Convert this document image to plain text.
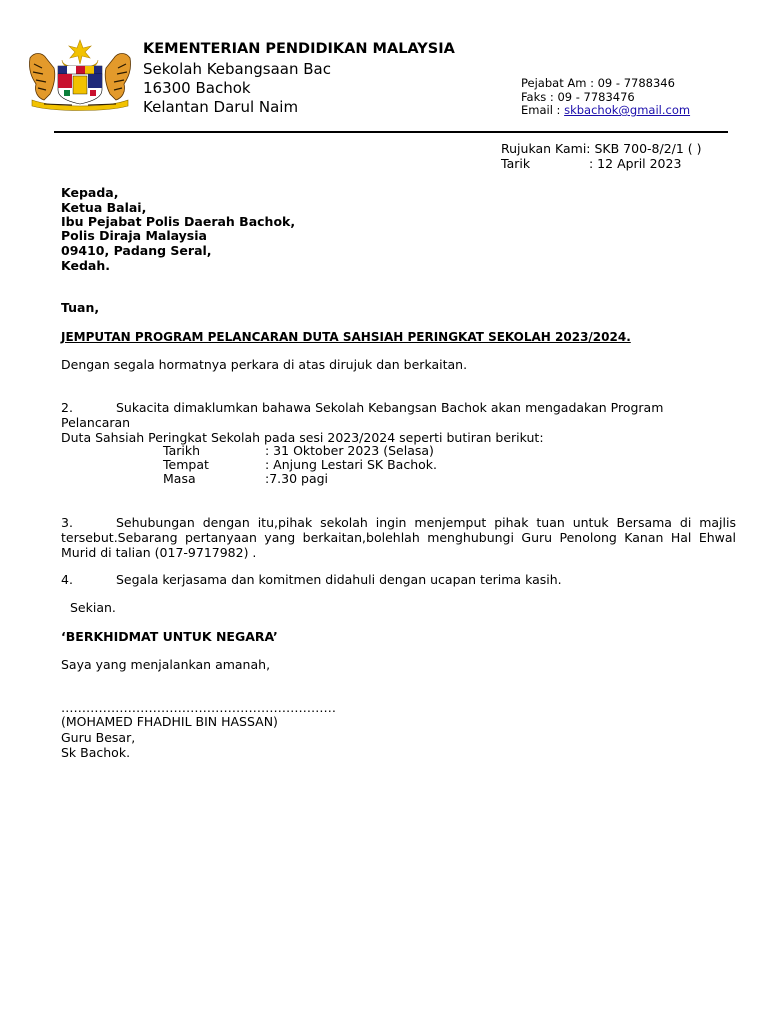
KEMENTERIAN PENDIDIKAN MALAYSIA
Sekolah Kebangsaan Bac
16300 Bachok
Kelantan Darul Naim
Pejabat Am : 09 - 7788346
Faks : 09 - 7783476
Email : skbachok@gmail.com
Rujukan Kami: SKB 700-8/2/1 ( )
Tarik	: 12 April 2023
Kepada,
Ketua Balai,
Ibu Pejabat Polis Daerah Bachok,
Polis Diraja Malaysia
09410, Padang Seral,
Kedah.
Tuan,
JEMPUTAN PROGRAM PELANCARAN DUTA SAHSIAH PERINGKAT SEKOLAH 2023/2024.
Dengan segala hormatnya perkara di atas dirujuk dan berkaitan.
2.	Sukacita dimaklumkan bahawa Sekolah Kebangsan Bachok akan mengadakan Program Pelancaran
Duta Sahsiah Peringkat Sekolah pada sesi 2023/2024 seperti butiran berikut:
Tarikh	: 31 Oktober 2023 (Selasa)
Tempat	: Anjung Lestari SK Bachok.
Masa	:7.30 pagi
3.	Sehubungan dengan itu,pihak sekolah ingin menjemput pihak tuan untuk Bersama di majlis
tersebut.Sebarang pertanyaan yang berkaitan,bolehlah menghubungi Guru Penolong Kanan Hal Ehwal
Murid di talian (017-9717982) .
4.	Segala kerjasama dan komitmen didahuli dengan ucapan terima kasih.
Sekian.
‘BERKHIDMAT UNTUK NEGARA’
Saya yang menjalankan amanah,
…………………………………………………………
(MOHAMED FHADHIL BIN HASSAN)
Guru Besar,
Sk Bachok.
